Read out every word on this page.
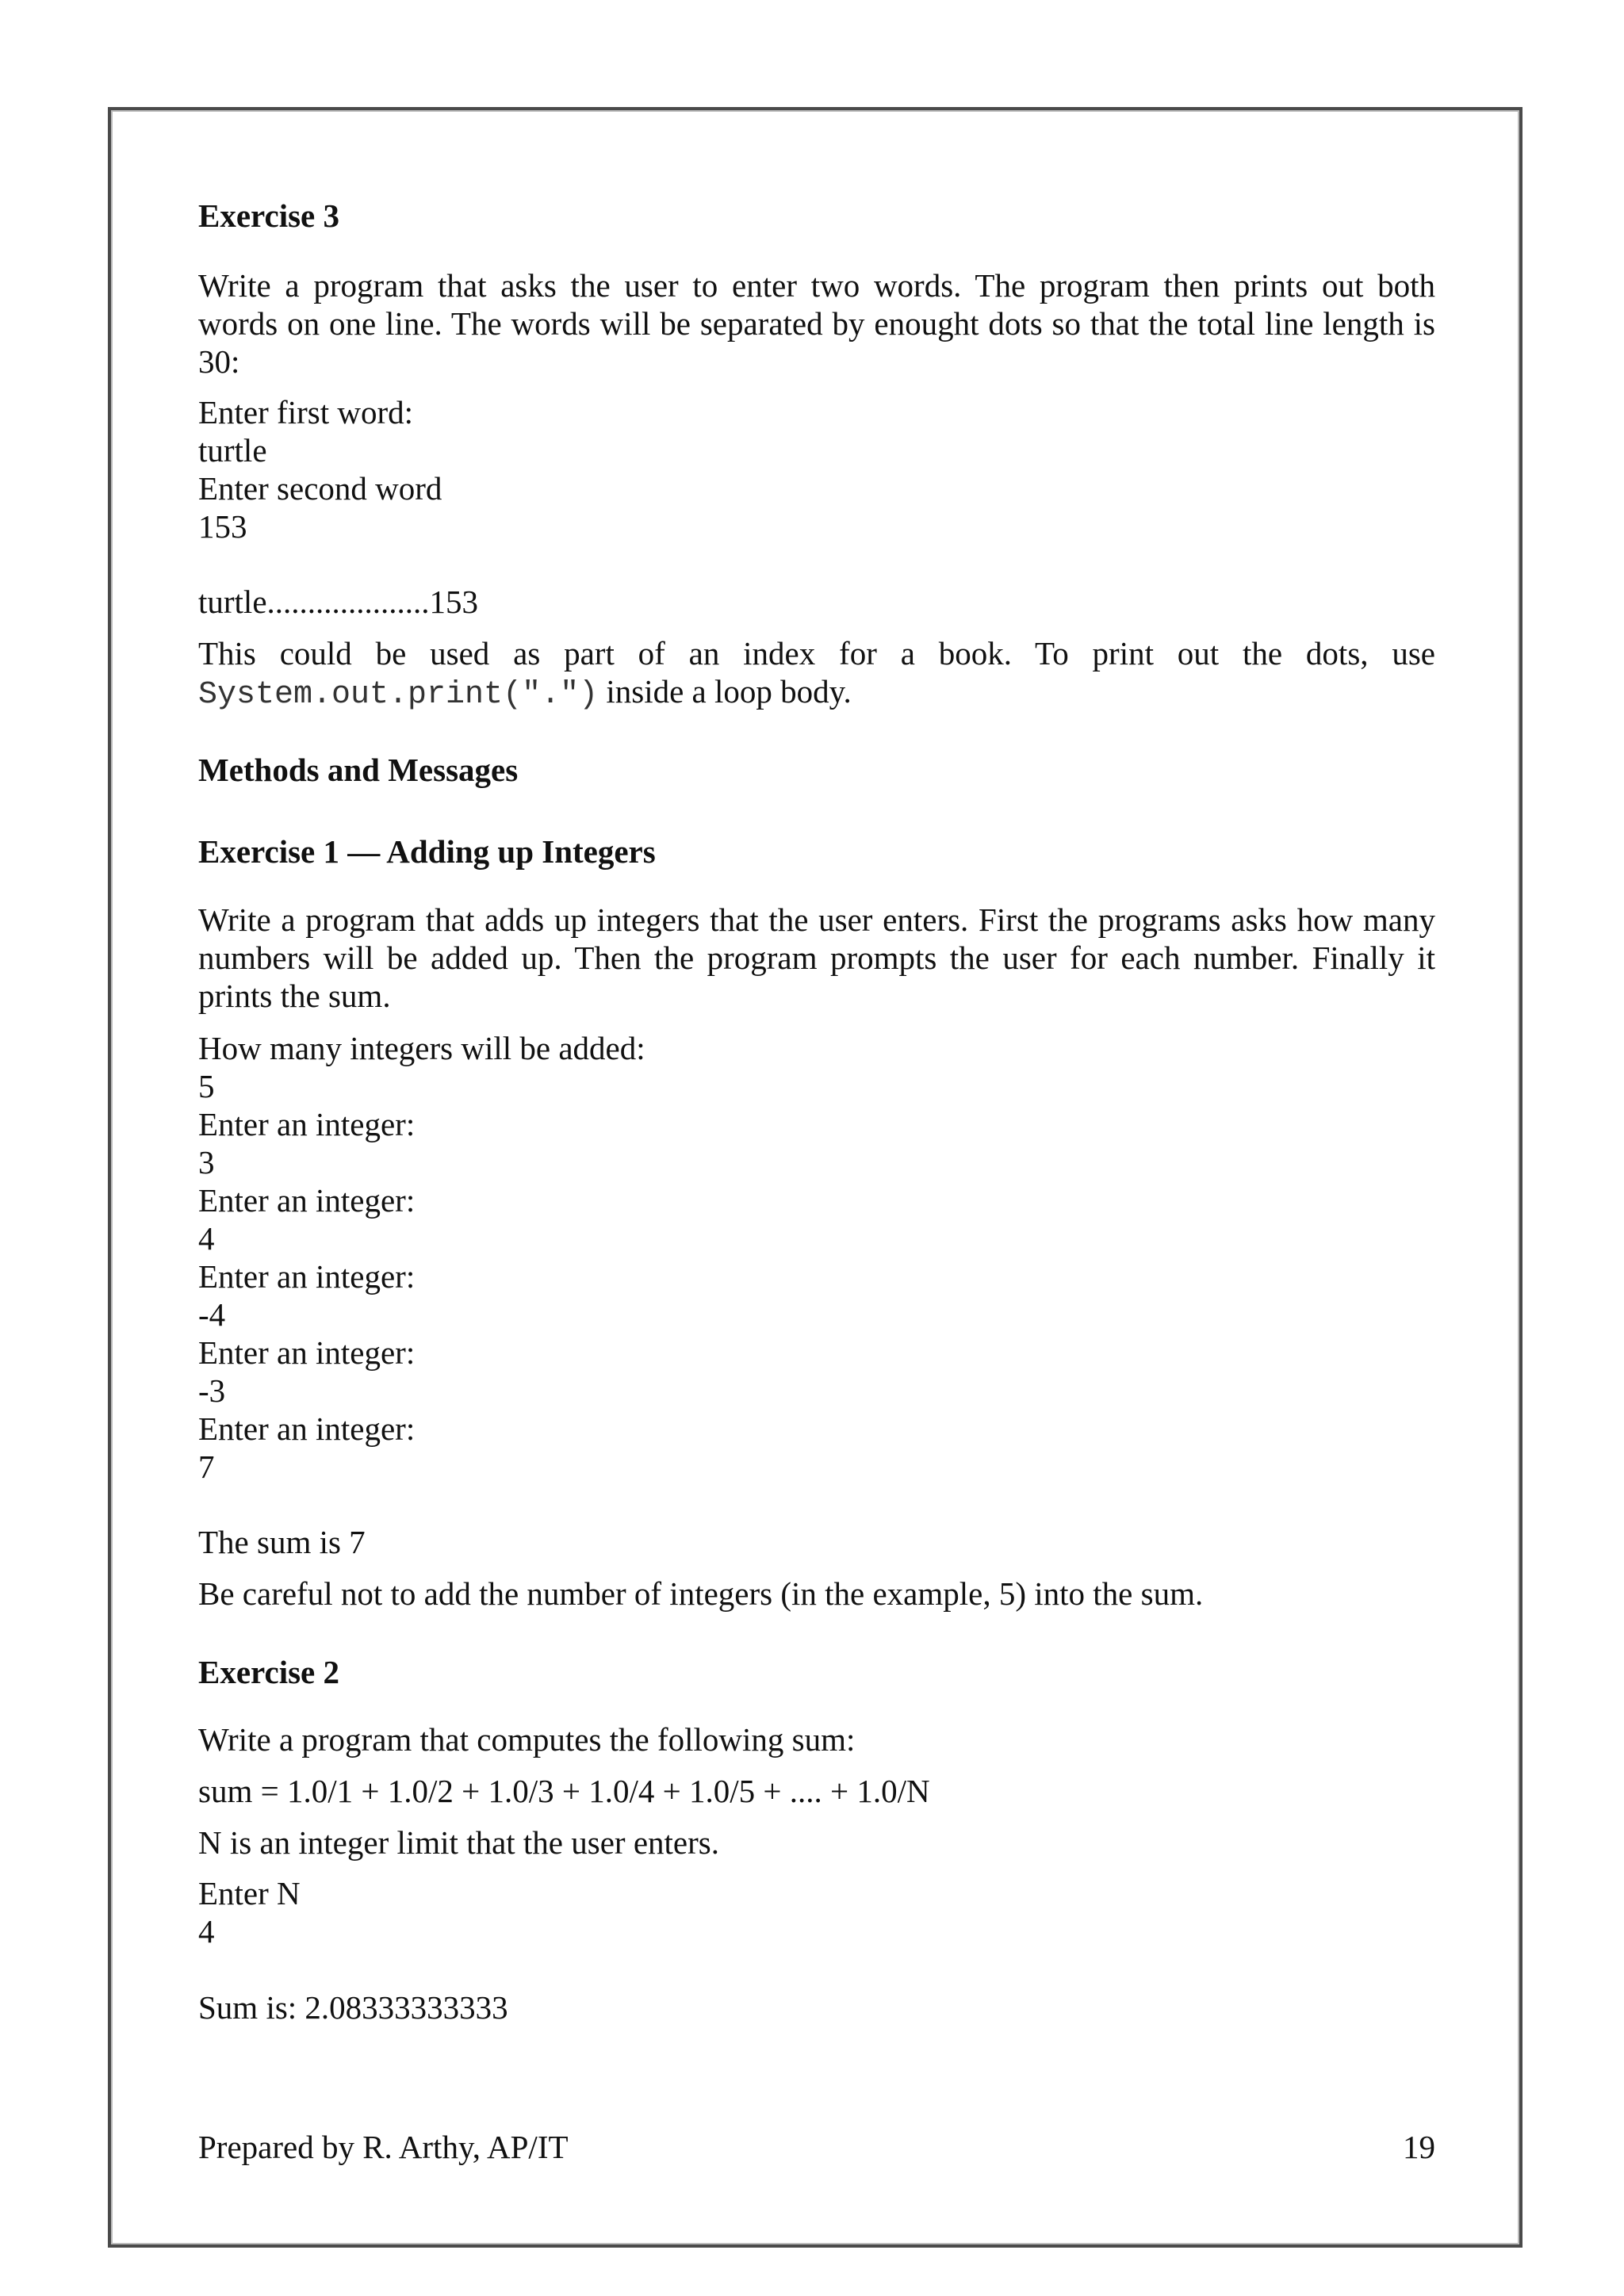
Exercise 3
Write a program that asks the user to enter two words. The program then prints out both
words on one line. The words will be separated by enought dots so that the total line length is
30:
Enter first word:
turtle
Enter second word
153
turtle....................153
This could be used as part of an index for a book. To print out the dots, use
System.out.print(".") inside a loop body.
Methods and Messages
Exercise 1 — Adding up Integers
Write a program that adds up integers that the user enters. First the programs asks how many
numbers will be added up. Then the program prompts the user for each number. Finally it
prints the sum.
How many integers will be added:
5
Enter an integer:
3
Enter an integer:
4
Enter an integer:
-4
Enter an integer:
-3
Enter an integer:
7
The sum is 7
Be careful not to add the number of integers (in the example, 5) into the sum.
Exercise 2
Write a program that computes the following sum:
sum = 1.0/1 + 1.0/2 + 1.0/3 + 1.0/4 + 1.0/5 + .... + 1.0/N
N is an integer limit that the user enters.
Enter N
4
Sum is: 2.08333333333
Prepared by R. Arthy, AP/IT	19
